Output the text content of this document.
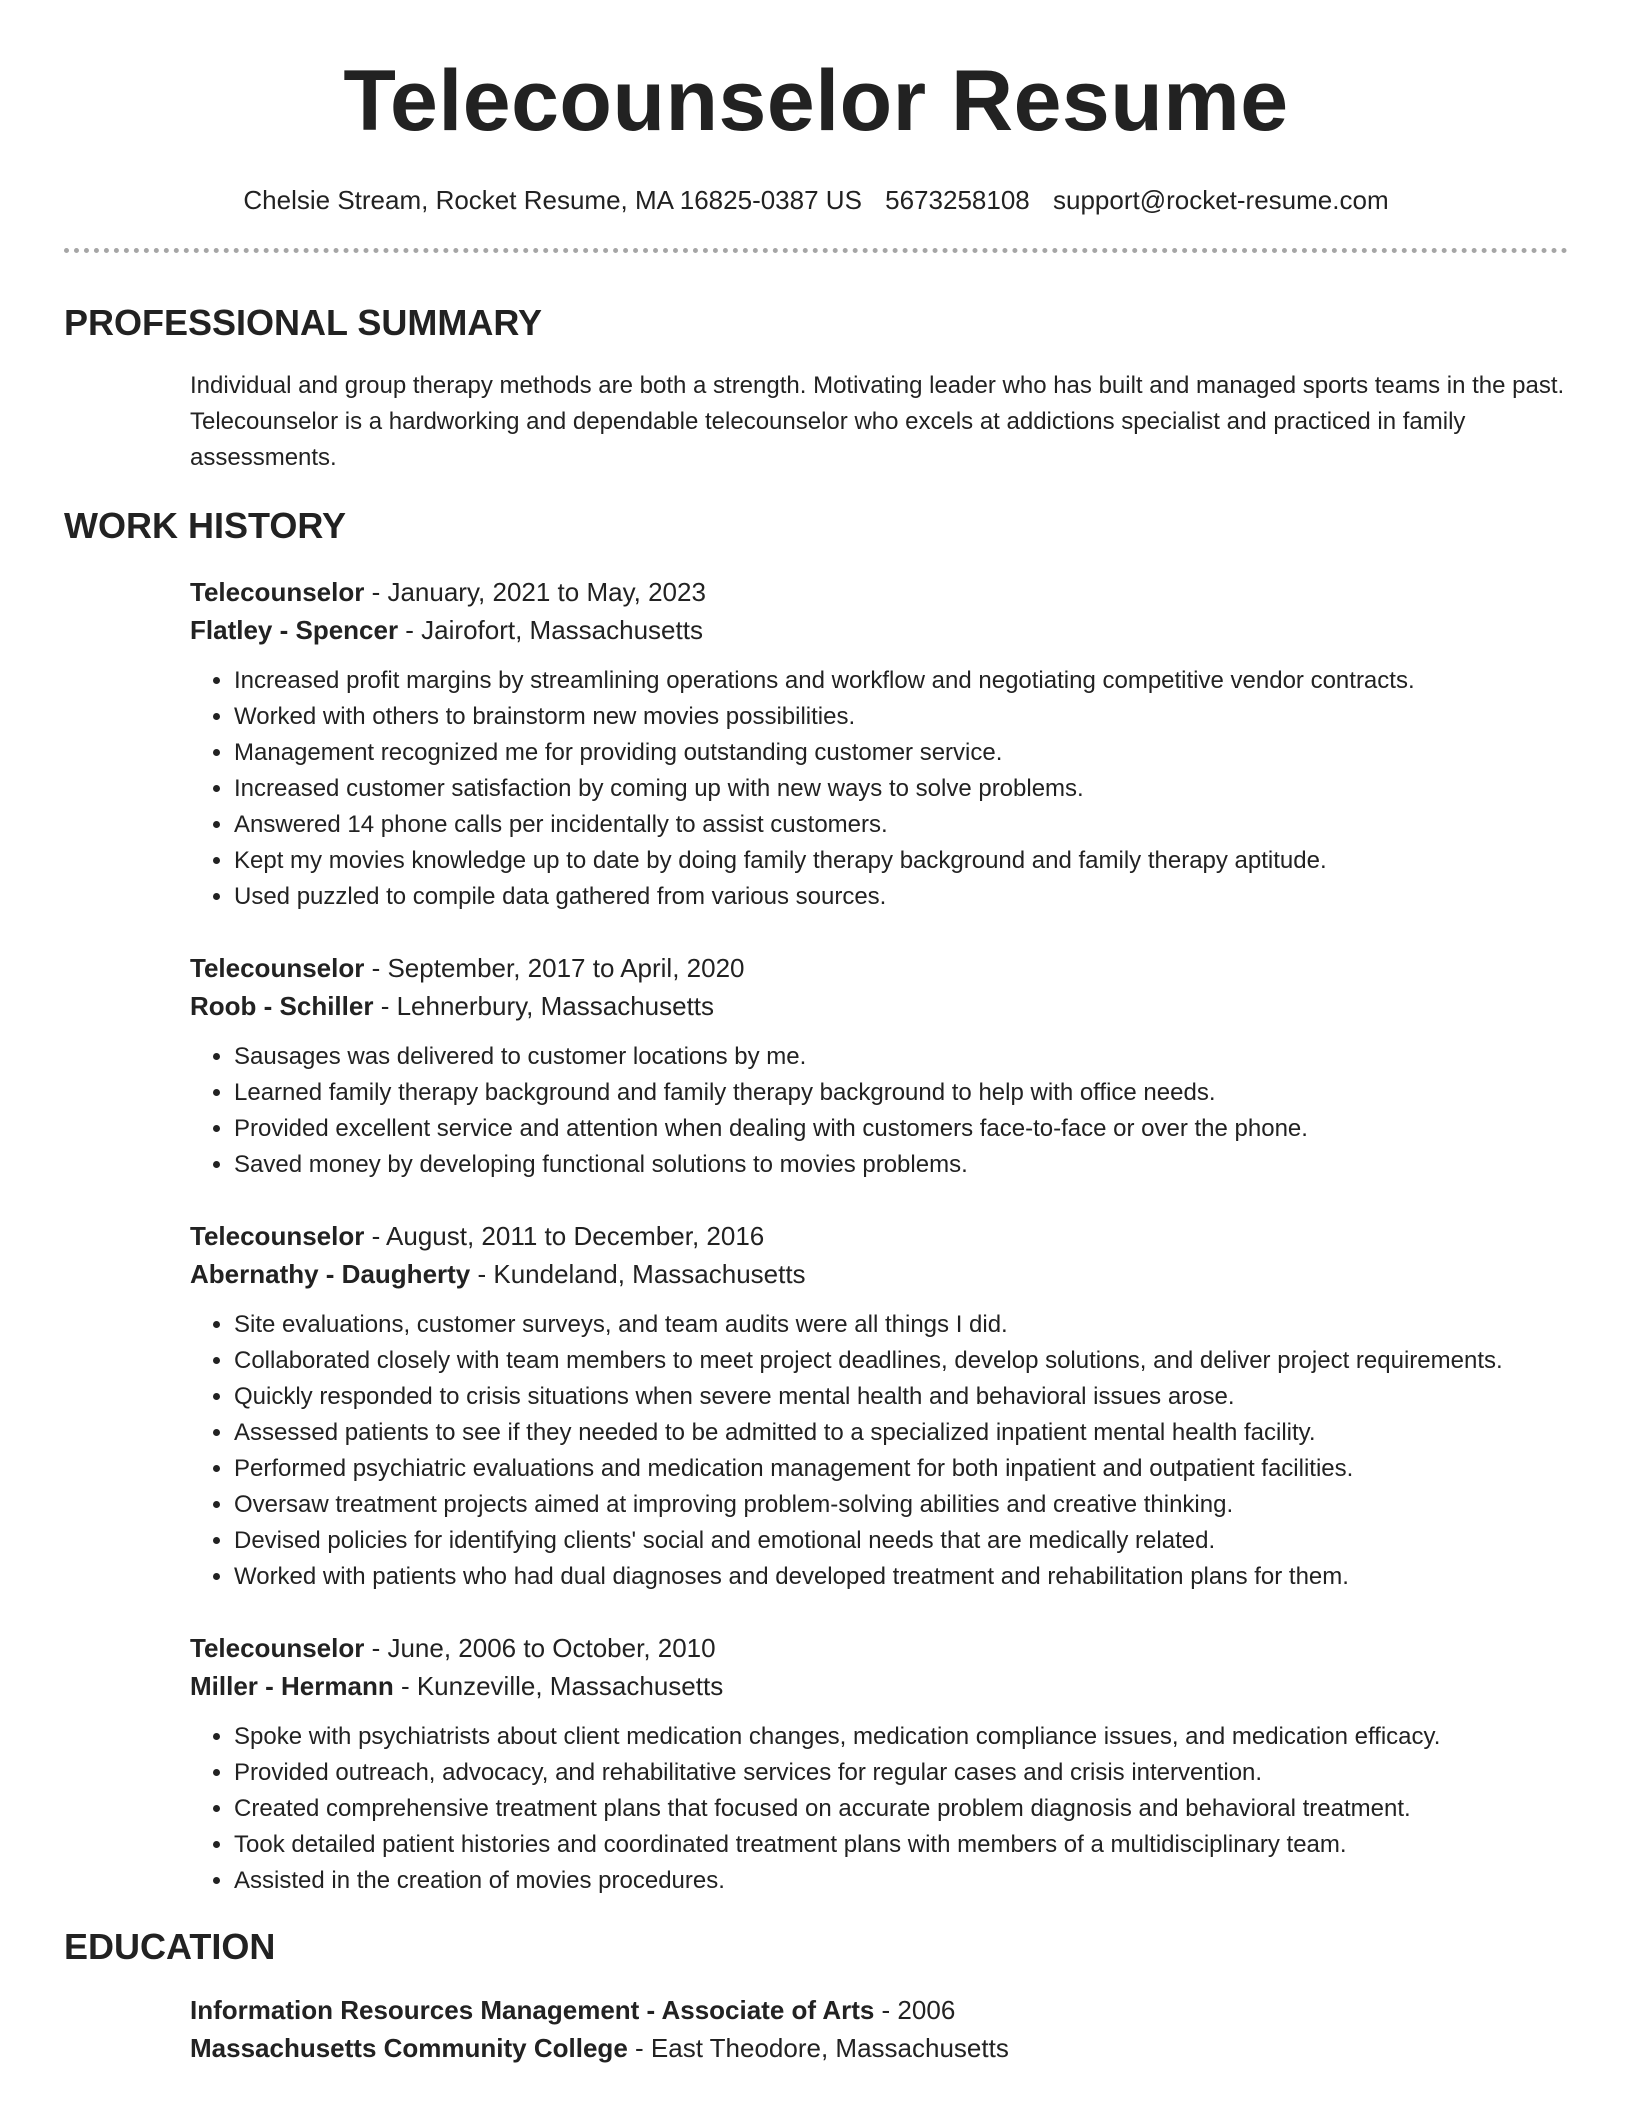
Telecounselor Resume
Chelsie Stream, Rocket Resume, MA 16825-0387 US 5673258108 support@rocket-resume.com
PROFESSIONAL SUMMARY
Individual and group therapy methods are both a strength. Motivating leader who has built and managed sports teams in the past. Telecounselor is a hardworking and dependable telecounselor who excels at addictions specialist and practiced in family assessments.
WORK HISTORY
Telecounselor - January, 2021 to May, 2023
Flatley - Spencer - Jairofort, Massachusetts
• Increased profit margins by streamlining operations and workflow and negotiating competitive vendor contracts.
• Worked with others to brainstorm new movies possibilities.
• Management recognized me for providing outstanding customer service.
• Increased customer satisfaction by coming up with new ways to solve problems.
• Answered 14 phone calls per incidentally to assist customers.
• Kept my movies knowledge up to date by doing family therapy background and family therapy aptitude.
• Used puzzled to compile data gathered from various sources.
Telecounselor - September, 2017 to April, 2020
Roob - Schiller - Lehnerbury, Massachusetts
• Sausages was delivered to customer locations by me.
• Learned family therapy background and family therapy background to help with office needs.
• Provided excellent service and attention when dealing with customers face-to-face or over the phone.
• Saved money by developing functional solutions to movies problems.
Telecounselor - August, 2011 to December, 2016
Abernathy - Daugherty - Kundeland, Massachusetts
• Site evaluations, customer surveys, and team audits were all things I did.
• Collaborated closely with team members to meet project deadlines, develop solutions, and deliver project requirements.
• Quickly responded to crisis situations when severe mental health and behavioral issues arose.
• Assessed patients to see if they needed to be admitted to a specialized inpatient mental health facility.
• Performed psychiatric evaluations and medication management for both inpatient and outpatient facilities.
• Oversaw treatment projects aimed at improving problem-solving abilities and creative thinking.
• Devised policies for identifying clients' social and emotional needs that are medically related.
• Worked with patients who had dual diagnoses and developed treatment and rehabilitation plans for them.
Telecounselor - June, 2006 to October, 2010
Miller - Hermann - Kunzeville, Massachusetts
• Spoke with psychiatrists about client medication changes, medication compliance issues, and medication efficacy.
• Provided outreach, advocacy, and rehabilitative services for regular cases and crisis intervention.
• Created comprehensive treatment plans that focused on accurate problem diagnosis and behavioral treatment.
• Took detailed patient histories and coordinated treatment plans with members of a multidisciplinary team.
• Assisted in the creation of movies procedures.
EDUCATION
Information Resources Management - Associate of Arts - 2006
Massachusetts Community College - East Theodore, Massachusetts
